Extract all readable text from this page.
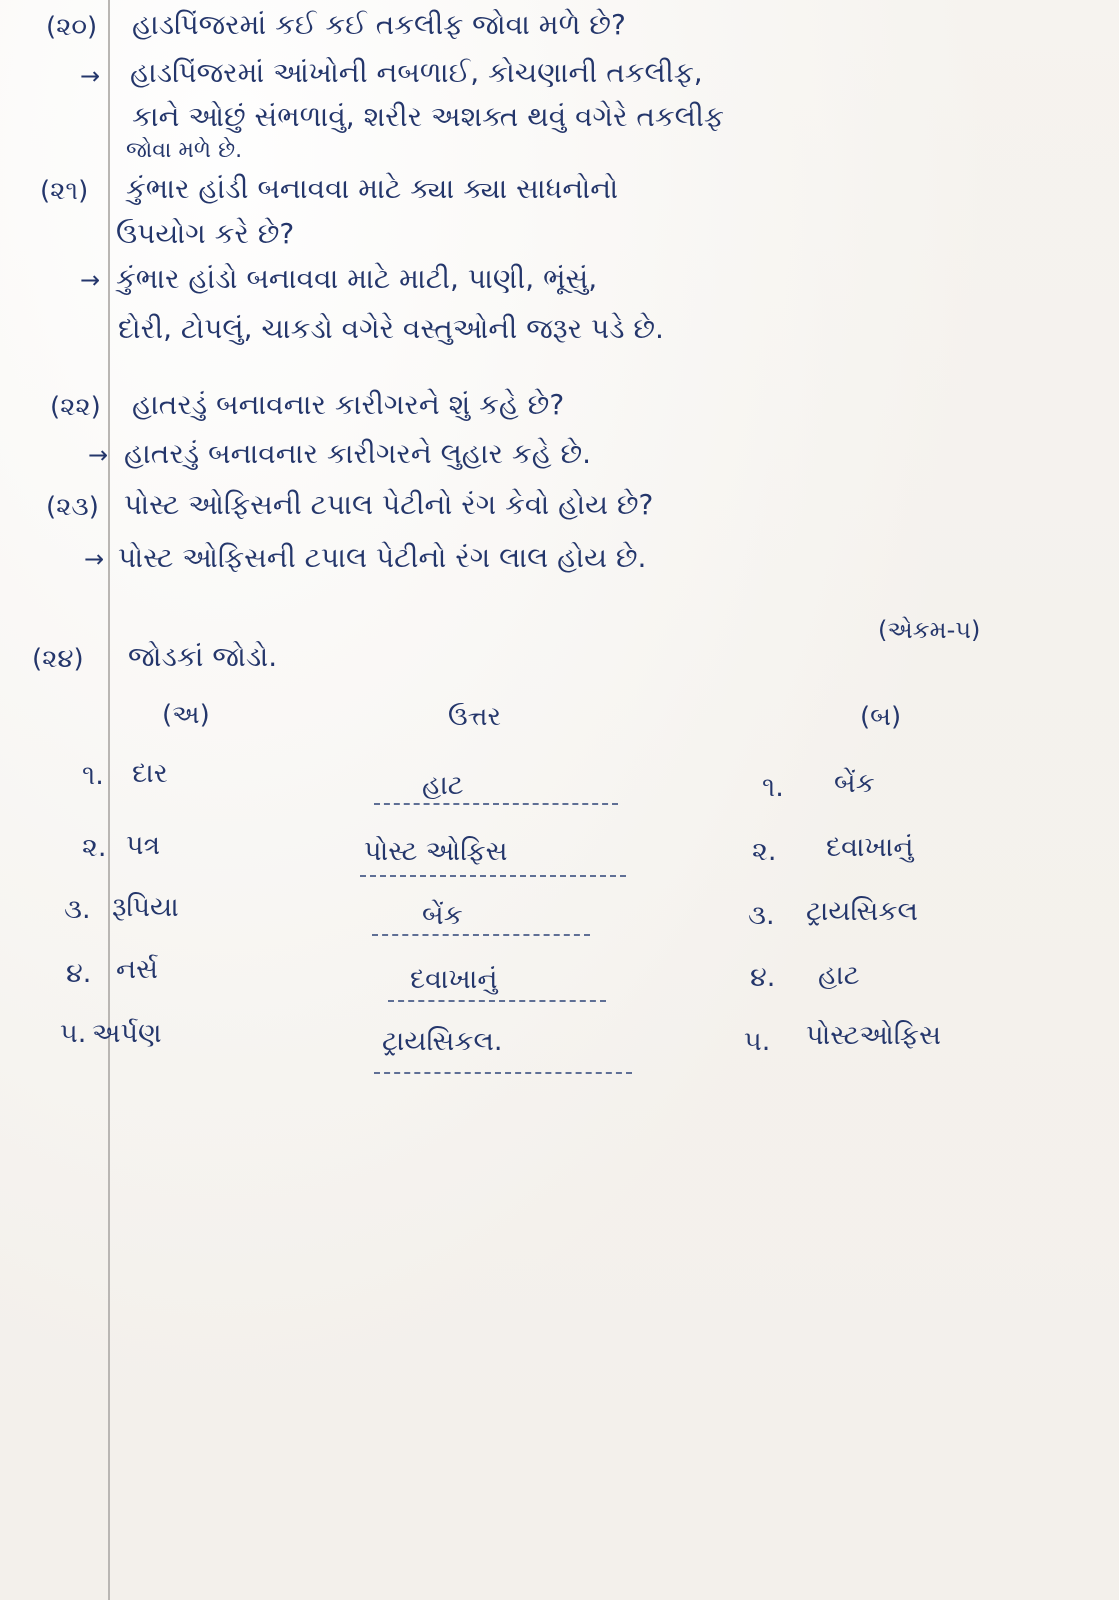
(૨૦) હાડપિંજરમાં કઈ કઈ તકલીફ જોવા મળે છે?
→ હાડપિંજરમાં આંખોની નબળાઈ, કોચણાની તકલીફ,
કાને ઓછું સંભળાવું, શરીર અશક્ત થવું વગેરે તકલીફ
જોવા મળે છે.
(૨૧) કુંભાર હાંડી બનાવવા માટે ક્યા ક્યા સાધનોનો
ઉપયોગ કરે છે?
→ કુંભાર હાંડો બનાવવા માટે માટી, પાણી, ભૂંસું,
દોરી, ટોપલું, ચાકડો વગેરે વસ્તુઓની જરૂર પડે છે.
(૨૨) હાતરડું બનાવનાર કારીગરને શું કહે છે?
→ હાતરડું બનાવનાર કારીગરને લુહાર કહે છે.
(૨૩) પોસ્ટ ઓફિસની ટપાલ પેટીનો રંગ કેવો હોય છે?
→ પોસ્ટ ઓફિસની ટપાલ પેટીનો રંગ લાલ હોય છે.
(એકમ-૫)
(૨૪) જોડકાં જોડો.
(અ)	ઉત્તર	(બ)
૧. દાર	હાટ	૧. બેંક
૨. પત્ર	પોસ્ટ ઓફિસ	૨. દવાખાનું
૩. રૂપિયા	બેંક	૩. ટ્રાયસિકલ
૪. નર્સ	દવાખાનું	૪. હાટ
૫. અર્પણ	ટ્રાયસિકલ.	૫. પોસ્ટઓફિસ
